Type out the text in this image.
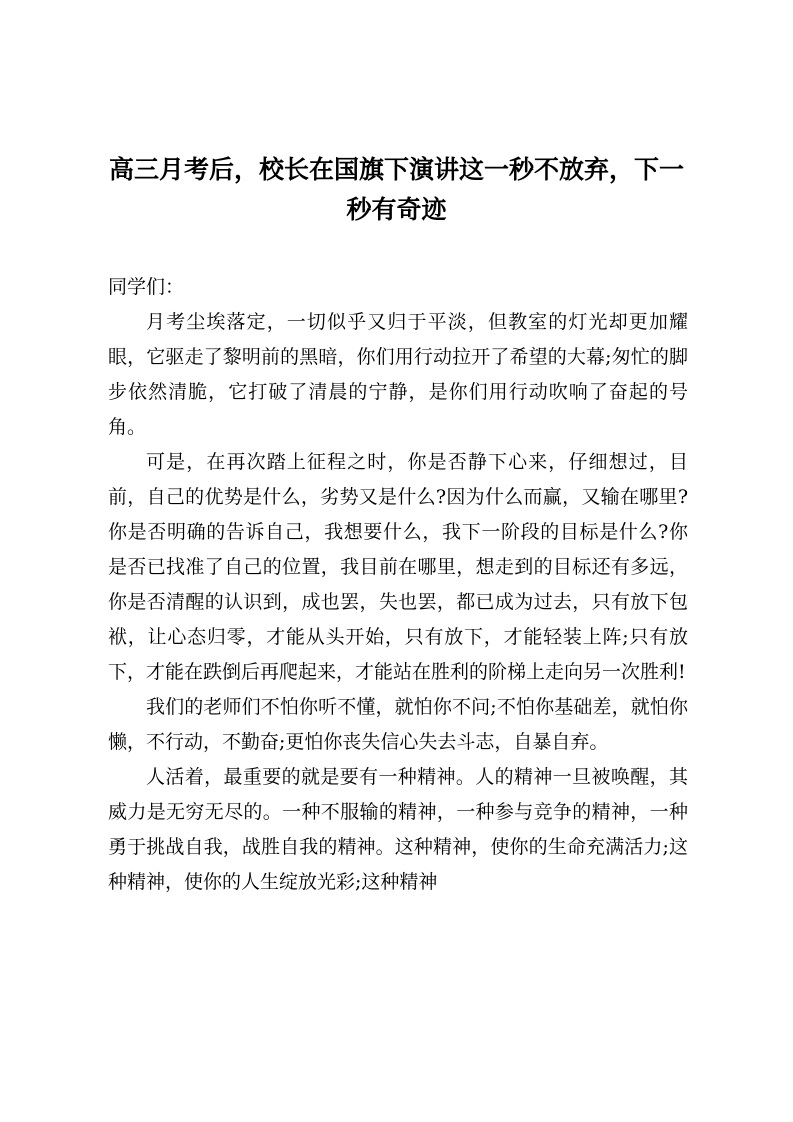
高三月考后，校长在国旗下演讲这一秒不放弃，下一秒有奇迹

同学们：

月考尘埃落定，一切似乎又归于平淡，但教室的灯光却更加耀眼，它驱走了黎明前的黑暗，你们用行动拉开了希望的大幕;匆忙的脚步依然清脆，它打破了清晨的宁静，是你们用行动吹响了奋起的号角。

可是，在再次踏上征程之时，你是否静下心来，仔细想过，目前，自己的优势是什么，劣势又是什么?因为什么而赢，又输在哪里?你是否明确的告诉自己，我想要什么，我下一阶段的目标是什么?你是否已找准了自己的位置，我目前在哪里，想走到的目标还有多远，你是否清醒的认识到，成也罢，失也罢，都已成为过去，只有放下包袱，让心态归零，才能从头开始，只有放下，才能轻装上阵;只有放下，才能在跌倒后再爬起来，才能站在胜利的阶梯上走向另一次胜利!

我们的老师们不怕你听不懂，就怕你不问;不怕你基础差，就怕你懒，不行动，不勤奋;更怕你丧失信心失去斗志，自暴自弃。

人活着，最重要的就是要有一种精神。人的精神一旦被唤醒，其威力是无穷无尽的。一种不服输的精神，一种参与竞争的精神，一种勇于挑战自我，战胜自我的精神。这种精神，使你的生命充满活力;这种精神，使你的人生绽放光彩;这种精神
